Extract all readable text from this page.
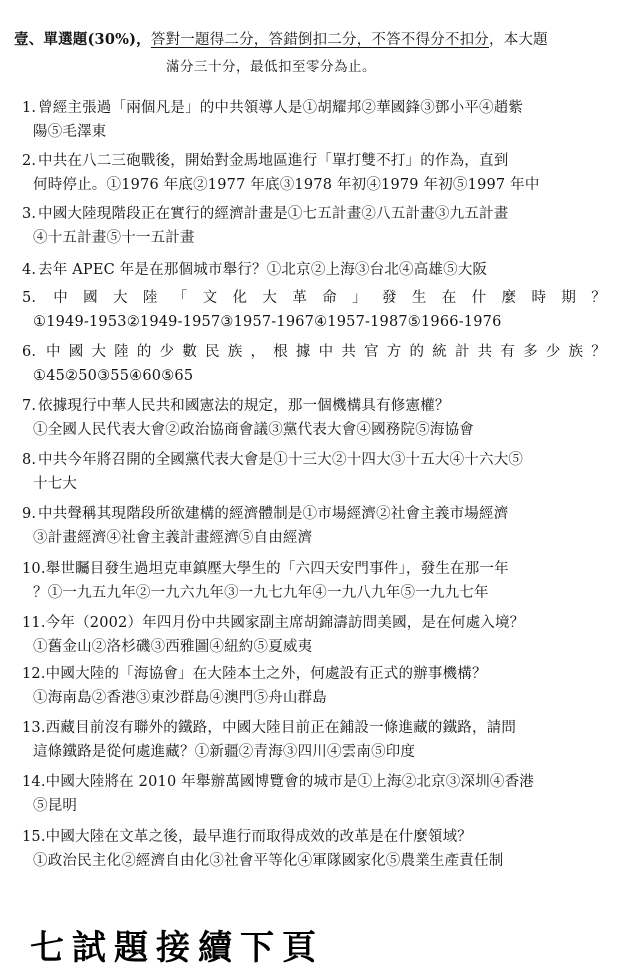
壹、單選題(30%)，答對一題得二分，答錯倒扣二分，不答不得分不扣分，本大題
滿分三十分，最低扣至零分為止。
1.曾經主張過「兩個凡是」的中共領導人是①胡耀邦②華國鋒③鄧小平④趙紫
陽⑤毛澤東
2.中共在八二三砲戰後，開始對金馬地區進行「單打雙不打」的作為，直到
何時停止。①1976 年底②1977 年底③1978 年初④1979 年初⑤1997 年中
3.中國大陸現階段正在實行的經濟計畫是①七五計畫②八五計畫③九五計畫
④十五計畫⑤十一五計畫
4.去年 APEC 年是在那個城市舉行？①北京②上海③台北④高雄⑤大阪
5. 中 國 大 陸 「 文 化 大 革 命 」 發 生 在 什 麼 時 期 ？
①1949-1953②1949-1957③1957-1967④1957-1987⑤1966-1976
6. 中 國 大 陸 的 少 數 民 族 ， 根 據 中 共 官 方 的 統 計 共 有 多 少 族 ？
①45②50③55④60⑤65
7.依據現行中華人民共和國憲法的規定，那一個機構具有修憲權？
①全國人民代表大會②政治協商會議③黨代表大會④國務院⑤海協會
8.中共今年將召開的全國黨代表大會是①十三大②十四大③十五大④十六大⑤
十七大
9.中共聲稱其現階段所欲建構的經濟體制是①市場經濟②社會主義市場經濟
③計畫經濟④社會主義計畫經濟⑤自由經濟
10.舉世矚目發生過坦克車鎮壓大學生的「六四天安門事件」，發生在那一年
？①一九五九年②一九六九年③一九七九年④一九八九年⑤一九九七年
11.今年（2002）年四月份中共國家副主席胡錦濤訪問美國，是在何處入境？
①舊金山②洛杉磯③西雅圖④紐約⑤夏威夷
12.中國大陸的「海協會」在大陸本土之外，何處設有正式的辦事機構？
①海南島②香港③東沙群島④澳門⑤舟山群島
13.西藏目前沒有聯外的鐵路，中國大陸目前正在鋪設一條進藏的鐵路，請問
這條鐵路是從何處進藏？①新疆②青海③四川④雲南⑤印度
14.中國大陸將在 2010 年舉辦萬國博覽會的城市是①上海②北京③深圳④香港
⑤昆明
15.中國大陸在文革之後，最早進行而取得成效的改革是在什麼領域？
①政治民主化②經濟自由化③社會平等化④軍隊國家化⑤農業生產責任制
七試題接續下頁
